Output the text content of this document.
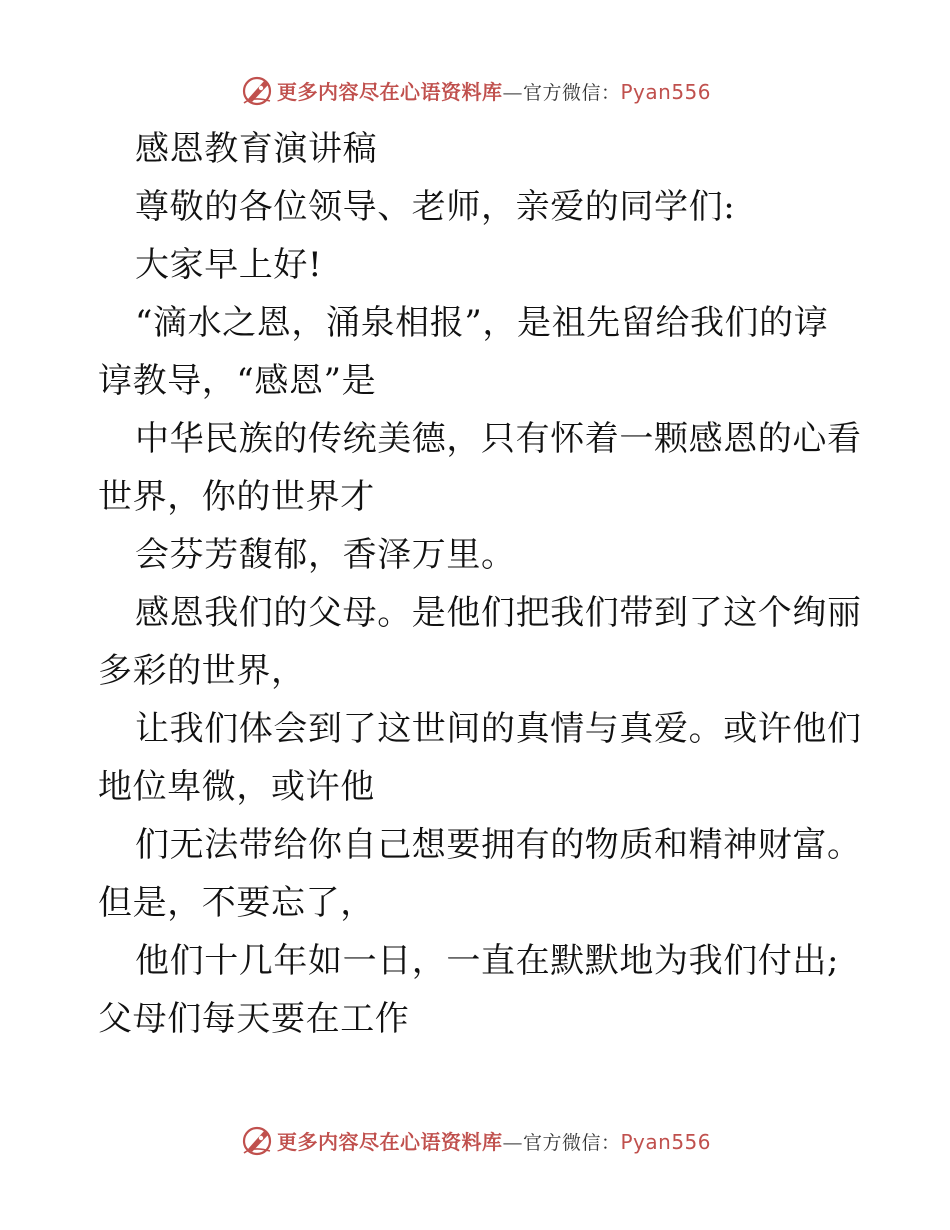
更多内容尽在心语资料库—官方微信：Pyan556
感恩教育演讲稿
尊敬的各位领导、老师，亲爱的同学们:
大家早上好!
“滴水之恩，涌泉相报”，是祖先留给我们的谆
谆教导，“感恩”是
中华民族的传统美德，只有怀着一颗感恩的心看
世界，你的世界才
会芬芳馥郁，香泽万里。
感恩我们的父母。是他们把我们带到了这个绚丽
多彩的世界，
让我们体会到了这世间的真情与真爱。或许他们
地位卑微，或许他
们无法带给你自己想要拥有的物质和精神财富。
但是，不要忘了，
他们十几年如一日，一直在默默地为我们付出;
父母们每天要在工作
更多内容尽在心语资料库—官方微信：Pyan556
